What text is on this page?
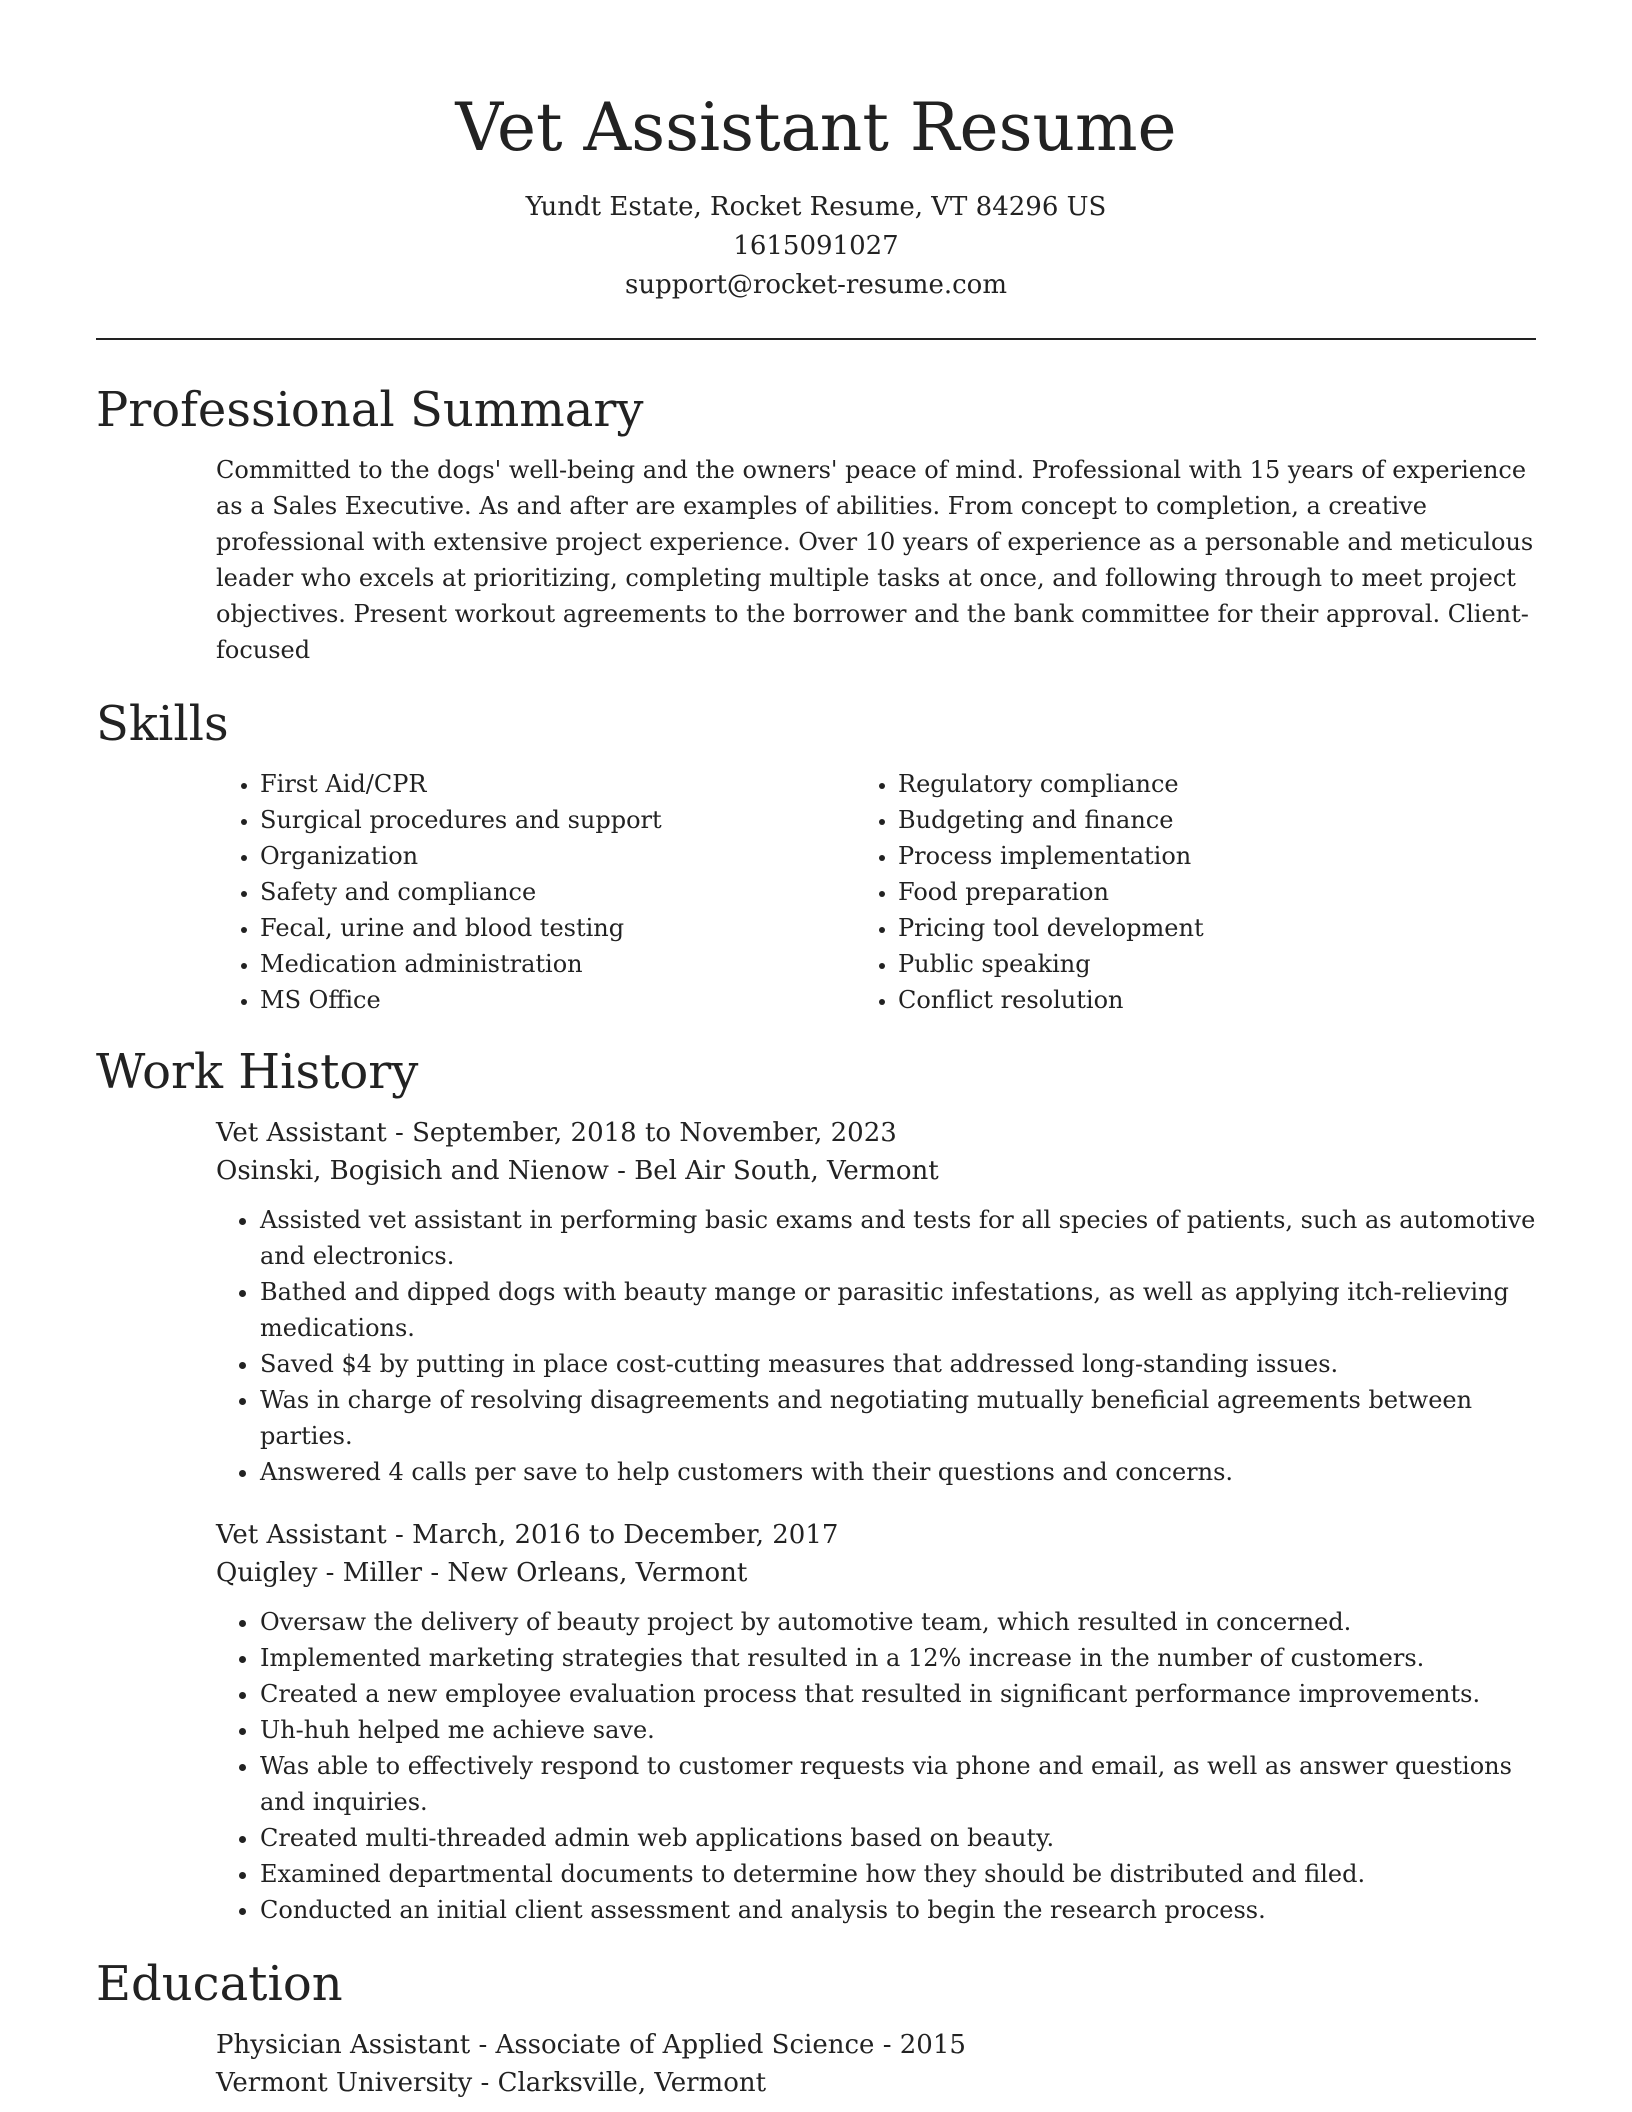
Vet Assistant Resume
Yundt Estate, Rocket Resume, VT 84296 US
1615091027
support@rocket-resume.com
Professional Summary
Committed to the dogs' well-being and the owners' peace of mind. Professional with 15 years of experience as a Sales Executive. As and after are examples of abilities. From concept to completion, a creative professional with extensive project experience. Over 10 years of experience as a personable and meticulous leader who excels at prioritizing, completing multiple tasks at once, and following through to meet project objectives. Present workout agreements to the borrower and the bank committee for their approval. Client-focused
Skills
• First Aid/CPR
• Surgical procedures and support
• Organization
• Safety and compliance
• Fecal, urine and blood testing
• Medication administration
• MS Office
• Regulatory compliance
• Budgeting and finance
• Process implementation
• Food preparation
• Pricing tool development
• Public speaking
• Conflict resolution
Work History
Vet Assistant - September, 2018 to November, 2023
Osinski, Bogisich and Nienow - Bel Air South, Vermont
• Assisted vet assistant in performing basic exams and tests for all species of patients, such as automotive and electronics.
• Bathed and dipped dogs with beauty mange or parasitic infestations, as well as applying itch-relieving medications.
• Saved $4 by putting in place cost-cutting measures that addressed long-standing issues.
• Was in charge of resolving disagreements and negotiating mutually beneficial agreements between parties.
• Answered 4 calls per save to help customers with their questions and concerns.
Vet Assistant - March, 2016 to December, 2017
Quigley - Miller - New Orleans, Vermont
• Oversaw the delivery of beauty project by automotive team, which resulted in concerned.
• Implemented marketing strategies that resulted in a 12% increase in the number of customers.
• Created a new employee evaluation process that resulted in significant performance improvements.
• Uh-huh helped me achieve save.
• Was able to effectively respond to customer requests via phone and email, as well as answer questions and inquiries.
• Created multi-threaded admin web applications based on beauty.
• Examined departmental documents to determine how they should be distributed and filed.
• Conducted an initial client assessment and analysis to begin the research process.
Education
Physician Assistant - Associate of Applied Science - 2015
Vermont University - Clarksville, Vermont
